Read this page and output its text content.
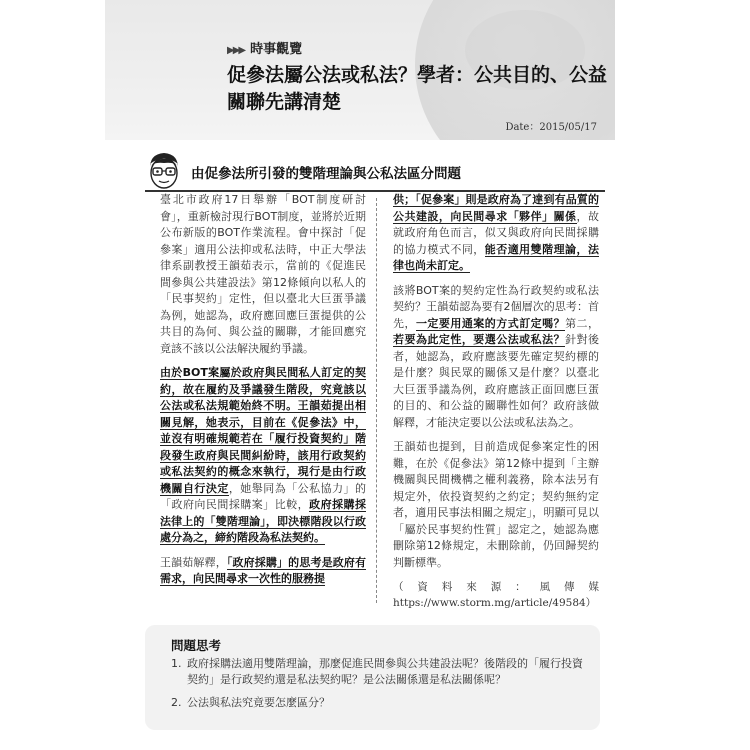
▶▶▶ 時事觀覽
促參法屬公法或私法？學者：公共目的、公益關聯先講清楚
Date：2015/05/17
由促參法所引發的雙階理論與公私法區分問題

臺北市政府17日舉辦「BOT制度研討會」，重新檢討現行BOT制度，並將於近期公布新版的BOT作業流程。會中探討「促參案」適用公法抑或私法時，中正大學法律系副教授王韻茹表示，當前的《促進民間參與公共建設法》第12條傾向以私人的「民事契約」定性，但以臺北大巨蛋爭議為例，她認為，政府應回應巨蛋提供的公共目的為何、與公益的關聯，才能回應究竟該不該以公法解決履約爭議。

由於BOT案屬於政府與民間私人訂定的契約，故在履約及爭議發生階段，究竟該以公法或私法規範始終不明。王韻茹提出相關見解，她表示，目前在《促參法》中，並沒有明確規範若在「履行投資契約」階段發生政府與民間糾紛時，該用行政契約或私法契約的概念來執行，現行是由行政機關自行決定，她舉同為「公私協力」的「政府向民間採購案」比較，政府採購採法律上的「雙階理論」，即決標階段以行政處分為之，締約階段為私法契約。

王韻茹解釋，「政府採購」的思考是政府有需求，向民間尋求一次性的服務提

供；「促參案」則是政府為了達到有品質的公共建設，向民間尋求「夥伴」關係，故就政府角色而言，似又與政府向民間採購的協力模式不同，能否適用雙階理論，法律也尚未訂定。

該將BOT案的契約定性為行政契約或私法契約？王韻茹認為要有2個層次的思考：首先，一定要用通案的方式訂定嗎？第二，若要為此定性，要選公法或私法？針對後者，她認為，政府應該要先確定契約標的是什麼？與民眾的關係又是什麼？以臺北大巨蛋爭議為例，政府應該正面回應巨蛋的目的、和公益的關聯性如何？政府該做解釋，才能決定要以公法或私法為之。

王韻茹也提到，目前造成促參案定性的困難，在於《促參法》第12條中提到「主辦機關與民間機構之權利義務，除本法另有規定外，依投資契約之約定；契約無約定者，適用民事法相關之規定」，明顯可見以「屬於民事契約性質」認定之，她認為應刪除第12條規定，未刪除前，仍回歸契約判斷標準。

（資料來源：風傳媒https://www.storm.mg/article/49584）

問題思考
1. 政府採購法適用雙階理論，那麼促進民間參與公共建設法呢？後階段的「履行投資契約」是行政契約還是私法契約呢？是公法關係還是私法關係呢？
2. 公法與私法究竟要怎麼區分？
